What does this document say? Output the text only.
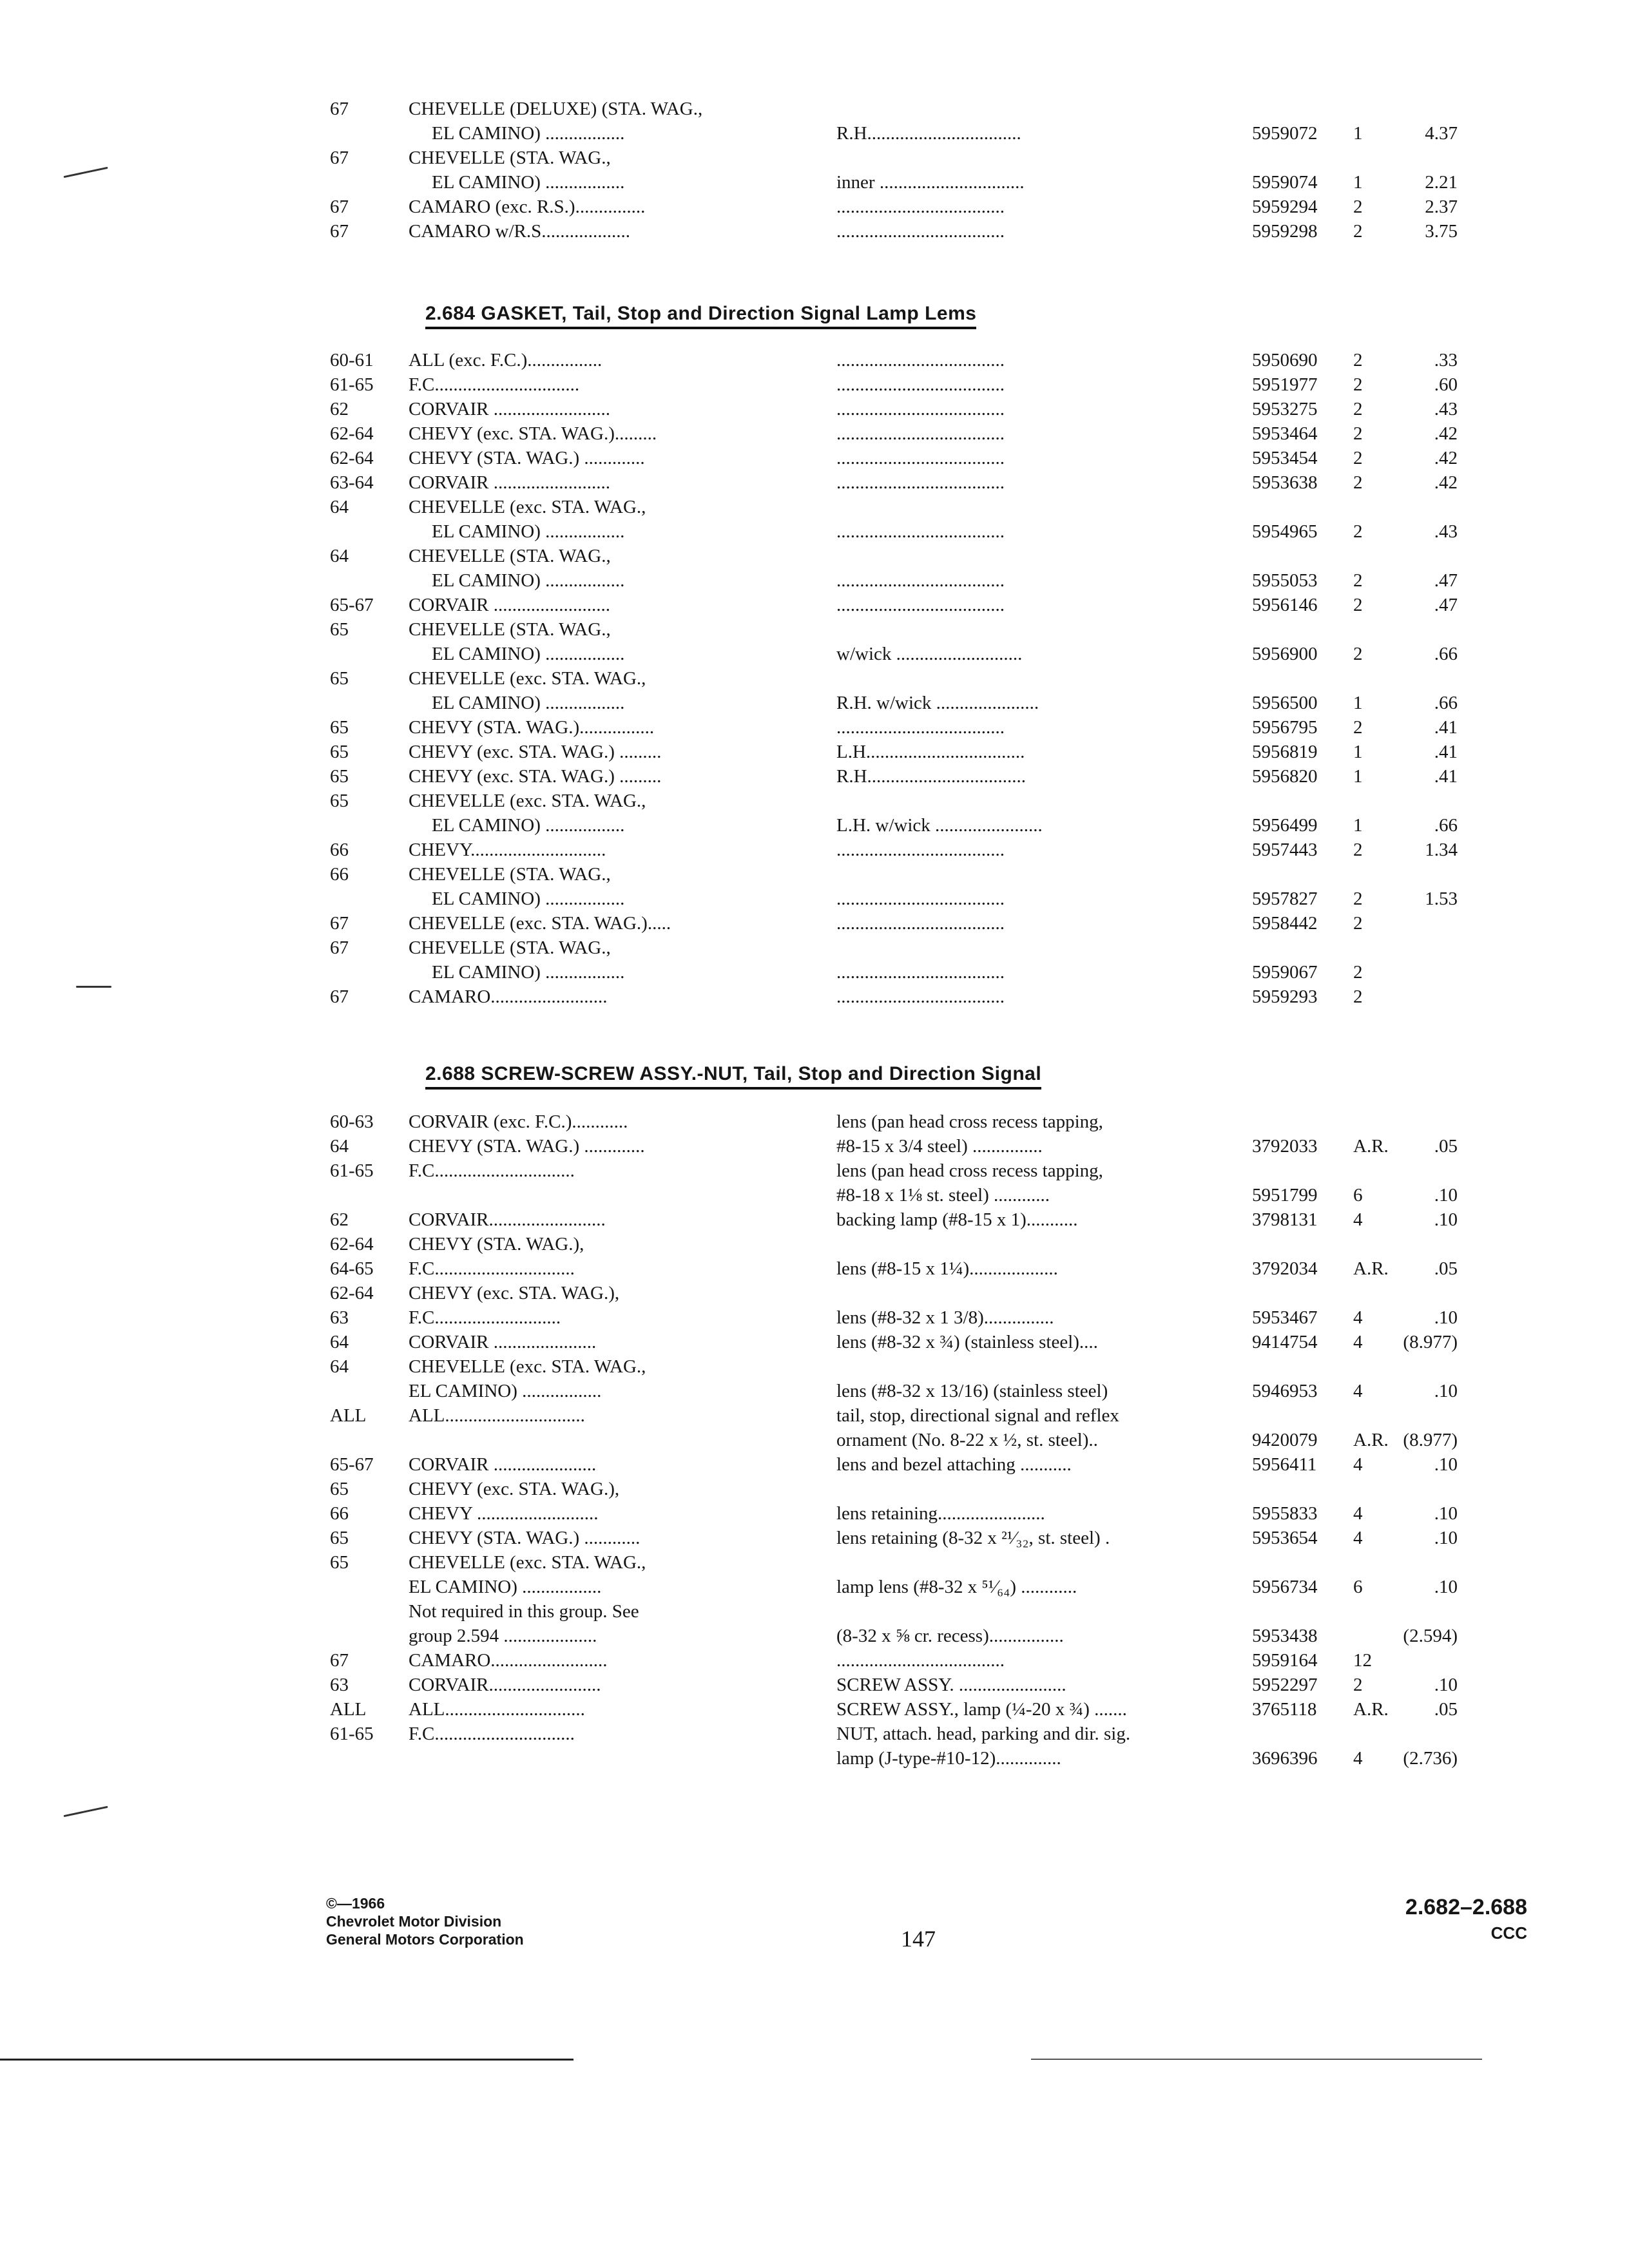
67	CHEVELLE (DELUXE) (STA. WAG.,
EL CAMINO) .................	R.H.................................	5959072 1	4.37
67	CHEVELLE (STA. WAG.,
EL CAMINO) .................	inner ...............................	5959074 1	2.21
67	CAMARO (exc. R.S.)...............	....................................	5959294 2	2.37
67	CAMARO w/R.S...................	....................................	5959298 2	3.75
2.684 GASKET, Tail, Stop and Direction Signal Lamp Lems
60-61 ALL (exc. F.C.)................	....................................	5950690 2	.33
61-65 F.C...............................	....................................	5951977 2	.60
62	CORVAIR .........................	....................................	5953275 2	.43
62-64 CHEVY (exc. STA. WAG.).........	....................................	5953464 2	.42
62-64 CHEVY (STA. WAG.) .............	....................................	5953454 2	.42
63-64 CORVAIR .........................	....................................	5953638 2	.42
64	CHEVELLE (exc. STA. WAG.,
EL CAMINO) .................	....................................	5954965 2	.43
64	CHEVELLE (STA. WAG.,
EL CAMINO) .................	....................................	5955053 2	.47
65-67 CORVAIR .........................	....................................	5956146 2	.47
65	CHEVELLE (STA. WAG.,
EL CAMINO) .................	w/wick ...........................	5956900 2	.66
65	CHEVELLE (exc. STA. WAG.,
EL CAMINO) .................	R.H. w/wick ......................	5956500 1	.66
65	CHEVY (STA. WAG.)................	....................................	5956795 2	.41
65	CHEVY (exc. STA. WAG.) .........	L.H..................................	5956819 1	.41
65	CHEVY (exc. STA. WAG.) .........	R.H..................................	5956820 1	.41
65	CHEVELLE (exc. STA. WAG.,
EL CAMINO) .................	L.H. w/wick .......................	5956499 1	.66
66	CHEVY.............................	....................................	5957443 2	1.34
66	CHEVELLE (STA. WAG.,
EL CAMINO) .................	....................................	5957827 2	1.53
67	CHEVELLE (exc. STA. WAG.).....	....................................	5958442 2
67	CHEVELLE (STA. WAG.,
EL CAMINO) .................	....................................	5959067 2
67	CAMARO.........................	....................................	5959293 2
2.688 SCREW-SCREW ASSY.-NUT, Tail, Stop and Direction Signal
60-63 CORVAIR (exc. F.C.)............	lens (pan head cross recess tapping,
64	CHEVY (STA. WAG.) .............	#8-15 x 3/4 steel) ...............	3792033 A.R.	.05
61-65 F.C..............................	lens (pan head cross recess tapping,
#8-18 x 1⅛ st. steel) ............	5951799 6	.10
62	CORVAIR.........................	backing lamp (#8-15 x 1)...........	3798131 4	.10
62-64 CHEVY (STA. WAG.),
64-65 F.C..............................	lens (#8-15 x 1¼)...................	3792034 A.R.	.05
62-64 CHEVY (exc. STA. WAG.),
63	F.C...........................	lens (#8-32 x 1 3/8)...............	5953467 4	.10
64	CORVAIR ......................	lens (#8-32 x ¾) (stainless steel)....	9414754 4	(8.977)
64	CHEVELLE (exc. STA. WAG.,
EL CAMINO) .................	lens (#8-32 x 13/16) (stainless steel)	5946953 4	.10
ALL ALL..............................	tail, stop, directional signal and reflex
ornament (No. 8-22 x ½, st. steel)..	9420079 A.R. (8.977)
65-67 CORVAIR ......................	lens and bezel attaching ...........	5956411 4	.10
65	CHEVY (exc. STA. WAG.),
66	CHEVY ..........................	lens retaining.......................	5955833 4	.10
65	CHEVY (STA. WAG.) ............	lens retaining (8-32 x ²¹⁄₃₂, st. steel) .	5953654 4	.10
65	CHEVELLE (exc. STA. WAG.,
EL CAMINO) .................	lamp lens (#8-32 x ⁵¹⁄₆₄) ............	5956734 6	.10
Not required in this group. See
group 2.594 ....................	(8-32 x ⅝ cr. recess)................	5953438	(2.594)
67	CAMARO.........................	....................................	5959164 12
63	CORVAIR........................	SCREW ASSY. .......................	5952297 2	.10
ALL ALL..............................	SCREW ASSY., lamp (¼-20 x ¾) .......	3765118 A.R.	.05
61-65 F.C..............................	NUT, attach. head, parking and dir. sig.
lamp (J-type-#10-12)..............	3696396 4	(2.736)
©—1966
Chevrolet Motor Division
General Motors Corporation	147
2.682–2.688
CCC
